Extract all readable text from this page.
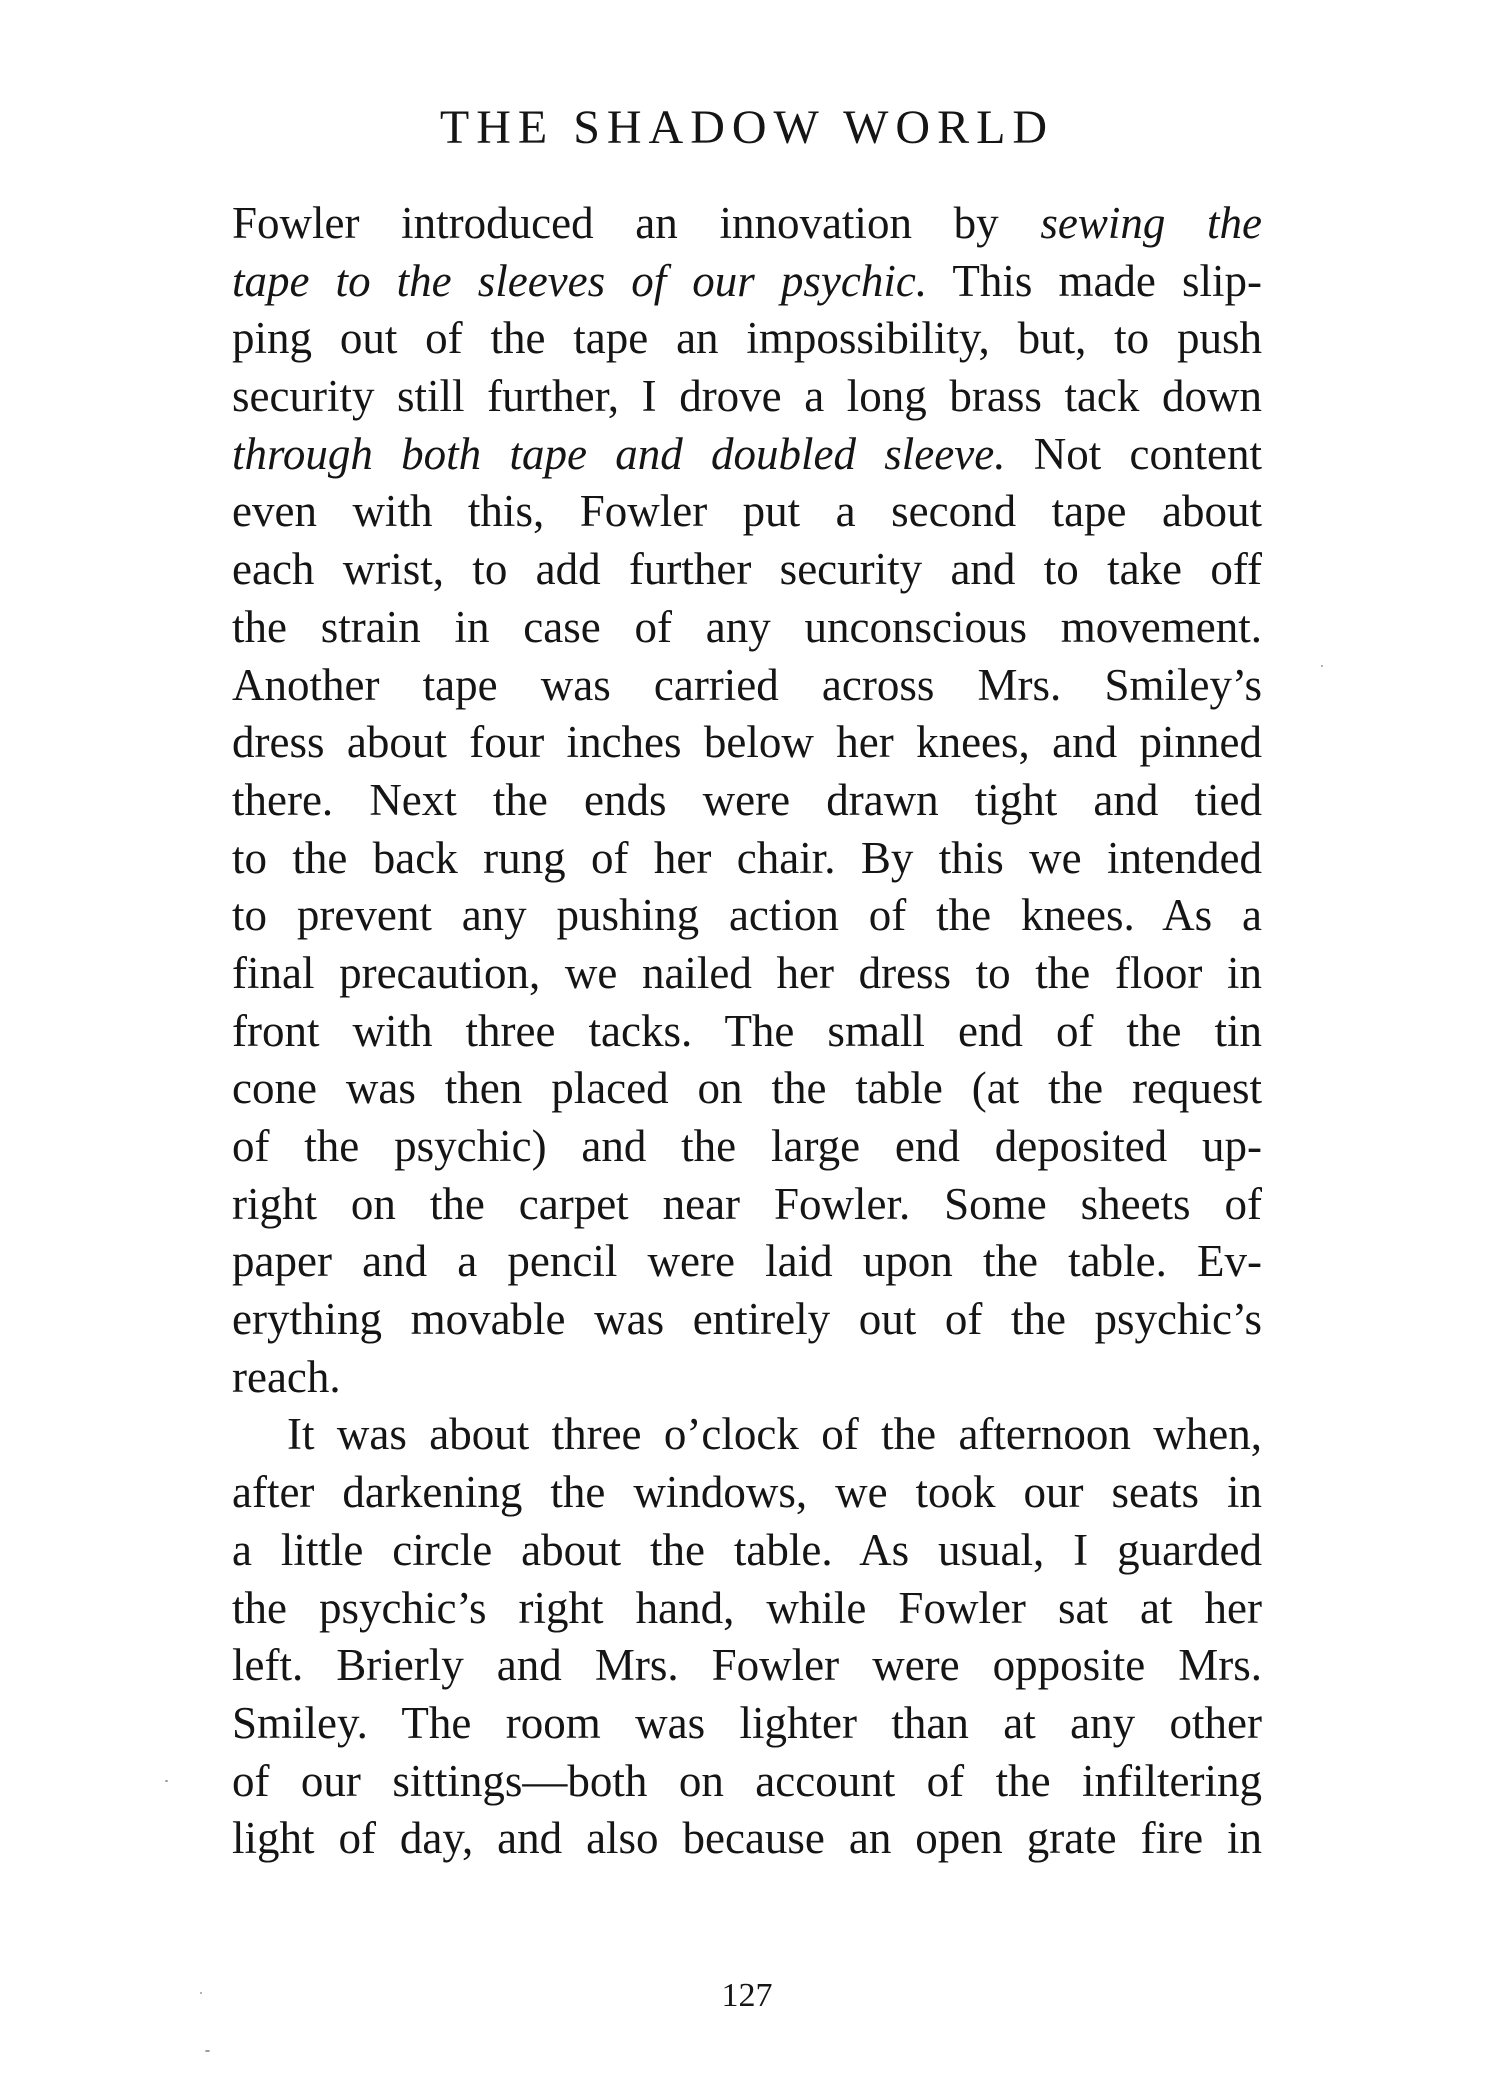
THE SHADOW WORLD
Fowler introduced an innovation by sewing the
tape to the sleeves of our psychic. This made slip-
ping out of the tape an impossibility, but, to push
security still further, I drove a long brass tack down
through both tape and doubled sleeve. Not content
even with this, Fowler put a second tape about
each wrist, to add further security and to take off
the strain in case of any unconscious movement.
Another tape was carried across Mrs. Smiley’s
dress about four inches below her knees, and pinned
there. Next the ends were drawn tight and tied
to the back rung of her chair. By this we intended
to prevent any pushing action of the knees. As a
final precaution, we nailed her dress to the floor in
front with three tacks. The small end of the tin
cone was then placed on the table (at the request
of the psychic) and the large end deposited up-
right on the carpet near Fowler. Some sheets of
paper and a pencil were laid upon the table. Ev-
erything movable was entirely out of the psychic’s
reach.
It was about three o’clock of the afternoon when,
after darkening the windows, we took our seats in
a little circle about the table. As usual, I guarded
the psychic’s right hand, while Fowler sat at her
left. Brierly and Mrs. Fowler were opposite Mrs.
Smiley. The room was lighter than at any other
of our sittings—both on account of the infiltering
light of day, and also because an open grate fire in
127
